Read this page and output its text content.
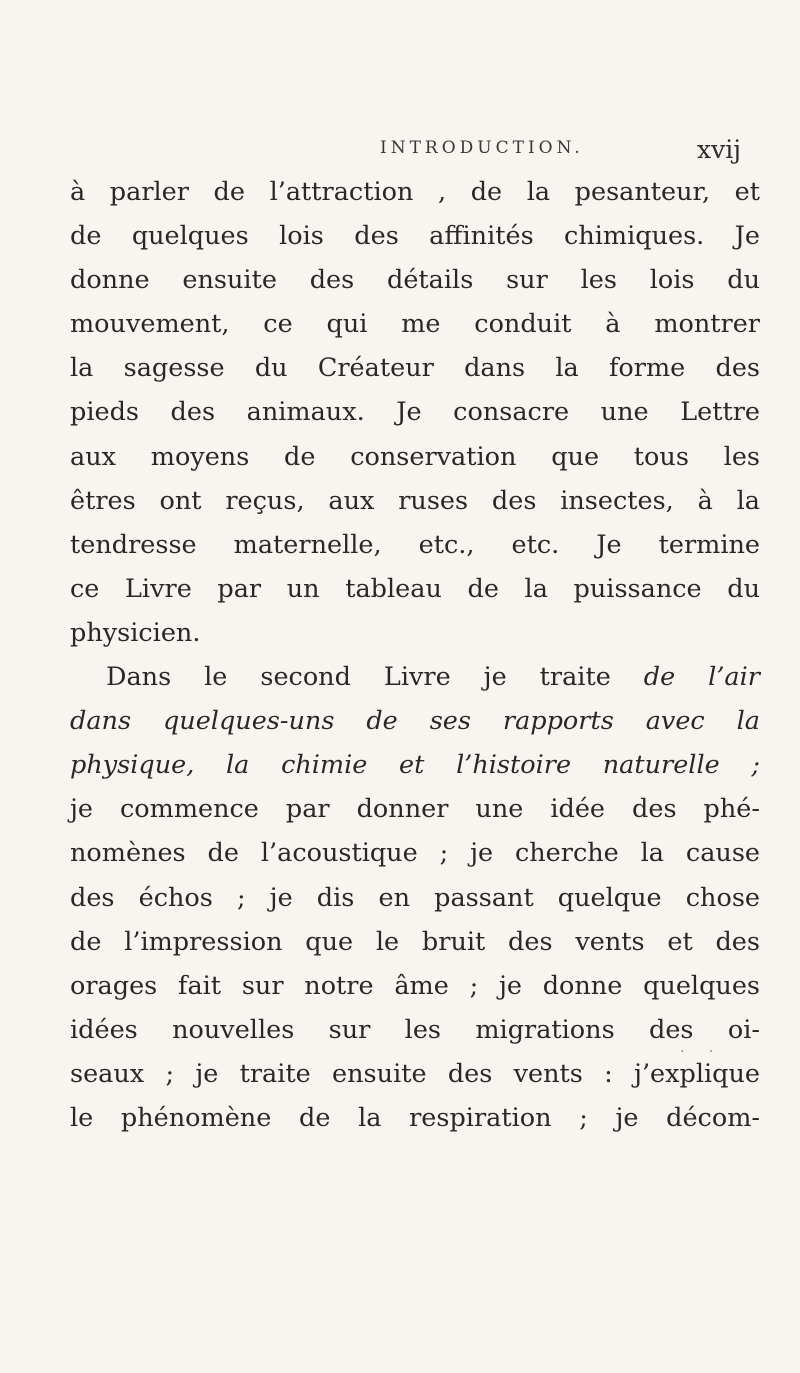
INTRODUCTION.	xvij
à parler de l’attraction , de la pesanteur, et
de quelques lois des affinités chimiques. Je
donne ensuite des détails sur les lois du
mouvement, ce qui me conduit à montrer
la sagesse du Créateur dans la forme des
pieds des animaux. Je consacre une Lettre
aux moyens de conservation que tous les
êtres ont reçus, aux ruses des insectes, à la
tendresse maternelle, etc., etc. Je termine
ce Livre par un tableau de la puissance du
physicien.
Dans le second Livre je traite de l’air
dans quelques-uns de ses rapports avec la
physique, la chimie et l’histoire naturelle ;
je commence par donner une idée des phé-
nomènes de l’acoustique ; je cherche la cause
des échos ; je dis en passant quelque chose
de l’impression que le bruit des vents et des
orages fait sur notre âme ; je donne quelques
idées nouvelles sur les migrations des oi-
seaux ; je traite ensuite des vents : j’explique
le phénomène de la respiration ; je décom-
· ·
